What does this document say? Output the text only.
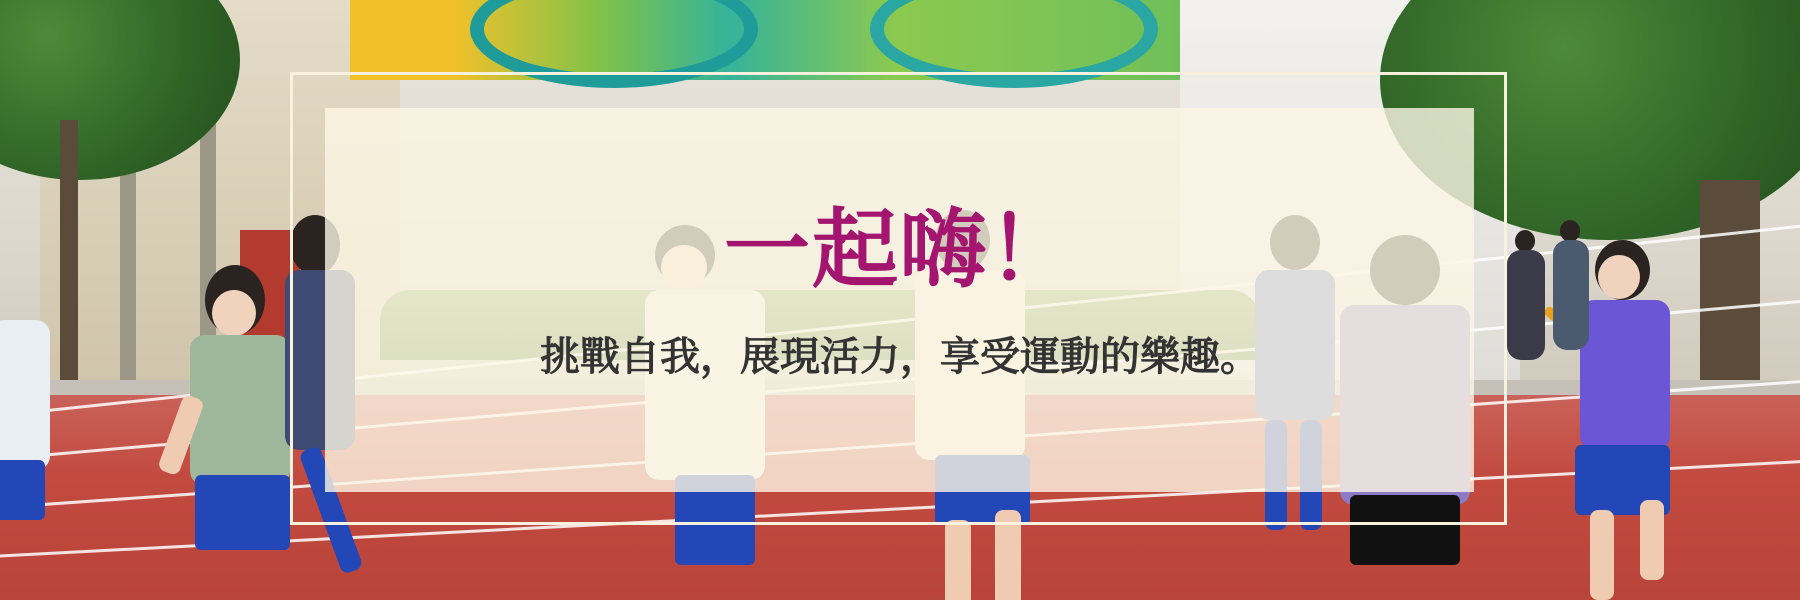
一起嗨！
挑戰自我，展現活力，享受運動的樂趣。
